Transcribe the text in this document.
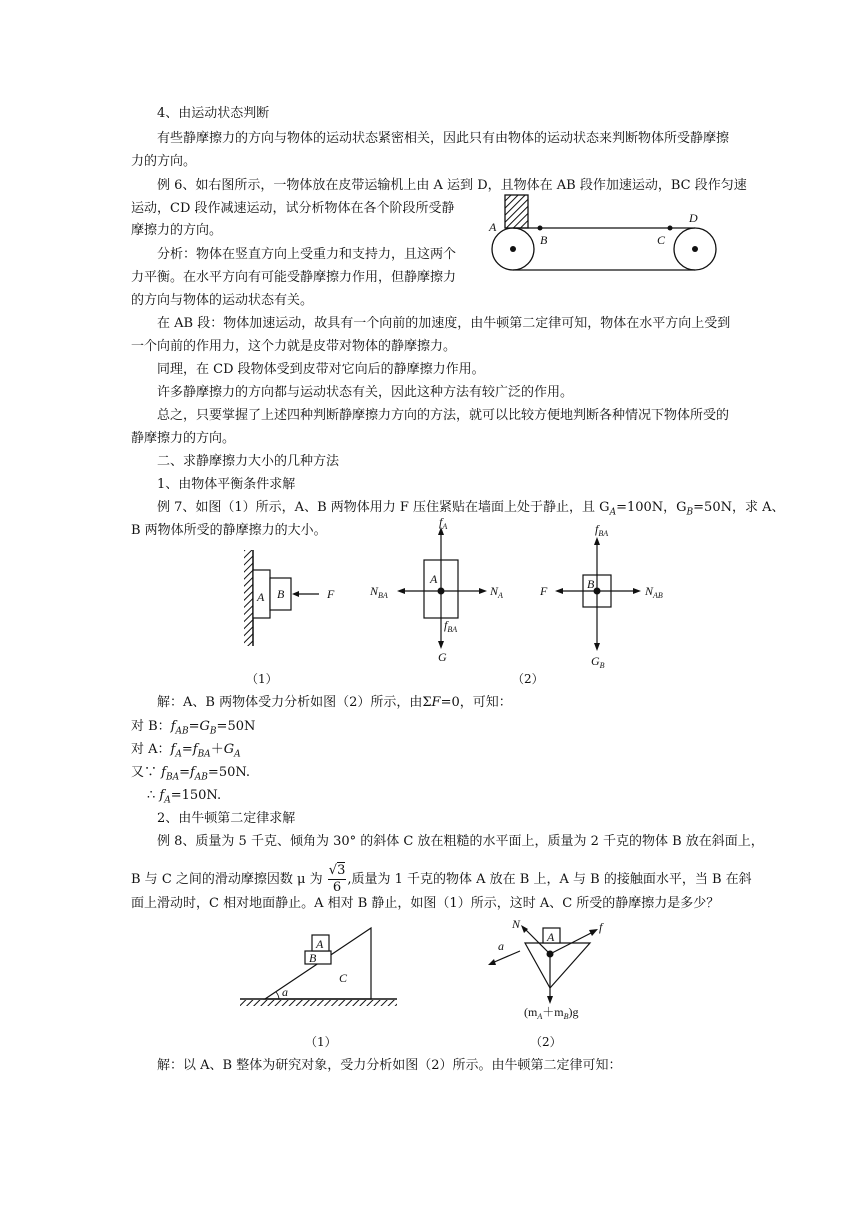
4、由运动状态判断
有些静摩擦力的方向与物体的运动状态紧密相关，因此只有由物体的运动状态来判断物体所受静摩擦
力的方向。
例 6、如右图所示，一物体放在皮带运输机上由 A 运到 D，且物体在 AB 段作加速运动，BC 段作匀速
运动，CD 段作减速运动，试分析物体在各个阶段所受静
摩擦力的方向。
分析：物体在竖直方向上受重力和支持力，且这两个
力平衡。在水平方向有可能受静摩擦力作用，但静摩擦力
的方向与物体的运动状态有关。
在 AB 段：物体加速运动，故具有一个向前的加速度，由牛顿第二定律可知，物体在水平方向上受到
一个向前的作用力，这个力就是皮带对物体的静摩擦力。
同理，在 CD 段物体受到皮带对它向后的静摩擦力作用。
许多静摩擦力的方向都与运动状态有关，因此这种方法有较广泛的作用。
总之，只要掌握了上述四种判断静摩擦力方向的方法，就可以比较方便地判断各种情况下物体所受的
静摩擦力的方向。
二、求静摩擦力大小的几种方法
1、由物体平衡条件求解
例 7、如图（1）所示，A、B 两物体用力 F 压住紧贴在墙面上处于静止，且 $G_A=100N$，$G_B=50N$，求 A、
B 两物体所受的静摩擦力的大小。
A
B	C
D
A B	F
（1）
A
$f_A$
$N_{BA}$	$N_A$
$f_{BA}$
G
B
$f_{BA}$
F	$N_{AB}$
$G_B$
（2）
解：A、B 两物体受力分析如图（2）所示，由ΣF=0，可知：
对 B：$f_{AB}=G_B=50N$
对 A：$f_A=f_{BA}+G_A$
又∵ $f_{BA}=f_{AB}=50N$.
∴ $f_A=150N$.
2、由牛顿第二定律求解
例 8、质量为 5 千克、倾角为 30° 的斜体 C 放在粗糙的水平面上，质量为 2 千克的物体 B 放在斜面上，
B 与 C 之间的滑动摩擦因数 μ 为 $\frac{√3}{6}$ ,质量为 1 千克的物体 A 放在 B 上，A 与 B 的接触面水平，当 B 在斜
面上滑动时，C 相对地面静止。A 相对 B 静止，如图（1）所示，这时 A、C 所受的静摩擦力是多少？
A
B
C
a
（1）
A
N	f
a
$(m_A+m_B)g$
（2）
解：以 A、B 整体为研究对象，受力分析如图（2）所示。由牛顿第二定律可知：
